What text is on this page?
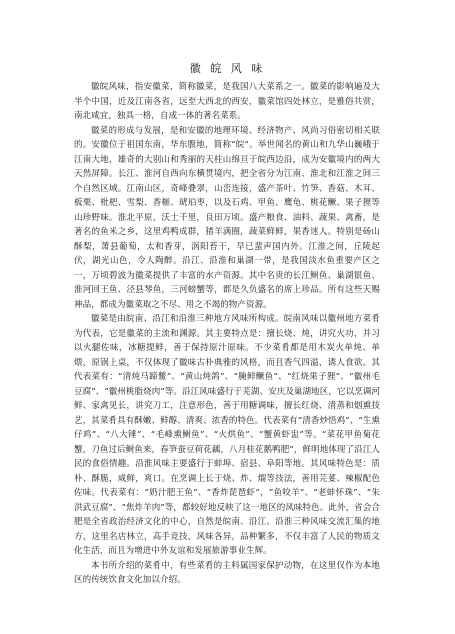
徽 皖 风 味

徽皖风味，指安徽菜，简称徽菜，是我国八大菜系之一。徽菜的影响遍及大半个中国，近及江南各省，远至大西北的西安，徽菜馆四处林立，是雅俗共赏，南北咸宜，独具一格，自成一体的著名菜系。

徽菜的形成与发展，是和安徽的地理环境、经济物产、风尚习俗密切相关联的。安徽位于祖国东南，华东腹地，简称“皖”。举世闻名的黄山和九华山巍峨于江南大地，雄奇的大别山和秀丽的天柱山绵亘于皖西边沿，成为安徽境内的两大天然屏障。长江、淮河自西向东横贯境内，把全省分为江南、淮北和江淮之间三个自然区域。江南山区，奇峰叠翠，山峦连接，盛产茶叶、竹笋、香菇、木耳、板栗、枇杷、雪梨、香榧、琥珀枣，以及石鸡、甲鱼、鹰龟、桃花鳜、果子狸等山珍野味。淮北平原，沃土千里，良田万顷。盛产粮食、油料、蔬果、禽畜，是著名的鱼米之乡，这里鸡鸭成群，猪羊满圈，蔬菜鲜鲜，果香迷人。特别是砀山酥梨，萧县葡萄，太和香芽，涡阳苔干，早已蜚声国内外。江淮之间，丘陵起伏，湖光山色，令人陶醉。沿江、沿淮和巢湖一带，是我国淡水鱼重要产区之一，万顷碧波为徽菜提供了丰富的水产资源。其中名贵的长江鲥鱼、巢湖银鱼、淮河回王鱼、泾县琴鱼，三河螃蟹等，都是久负盛名的席上珍品。所有这些天赐神品，都成为徽菜取之不尽、用之不竭的物产资源。

徽菜是由皖南、沿江和沿淮三种地方风味所构成。皖南风味以徽州地方菜肴为代表，它是徽菜的主流和渊源。其主要特点是：擅长烧、炖，讲究火功，并习以火腿佐味，冰糖提鲜，善于保持原汁原味。不少菜肴都是用木炭火单炖、单煨，原锅上桌，不仅体现了徽味古朴典雅的风格，而且香气四溢，诱人食欲。其代表菜有：“清炖马蹄鳖”、“黄山炖鸽”、“腌鲜鳜鱼”、“红烧果子狸”、“徽州毛豆腐”、“徽州桃脂烧肉”等。沿江风味盛行于芜湖、安庆及巢湖地区，它以烹调河鲜、家禽见长，讲究刀工，注意形色，善于用糖调味，擅长红烧、清蒸和烟熏技艺，其菜肴具有酥嫩、鲜醇、清爽、浓香的特色。代表菜有“清香炒悟鸡”、“生熏仔鸡”、“八大锤”、“毛峰熏鲥鱼”、“火烘鱼”、“蟹黄虾盅”等。“菜花甲鱼菊花蟹，刀鱼过后鲥鱼来，春笋蚕豆荷花藕，八月桂花鹅鸭肥”，鲜明地体现了沿江人民的食俗情趣。沿淮风味主要盛行于蚌埠、宿县、阜阳等地。其风味特色是：质朴、酥脆，咸鲜，爽口。在烹调上长于烧、炸、熘等技法，善用芫荽、辣椒配色佐味。代表菜有：“奶汁肥王鱼”、“香炸琵琶虾”，“鱼咬羊”、“老蚌怀珠”、“朱洪武豆腐”、“焦炸羊肉”等，都较好地反映了这一地区的风味特色。此外，省会合肥是全省政治经济文化的中心，自然是皖南、沿江、沿淮三种风味交流汇集的地方，这里名店林立，高手竞技，风味各异，品种繁多，不仅丰富了人民的物质文化生活，而且为增进中外友谊和发展旅游事业生辉。

本书所介绍的菜肴中，有些菜肴的主料属国家保护动物，在这里仅作为本地区的传统饮食文化加以介绍。
